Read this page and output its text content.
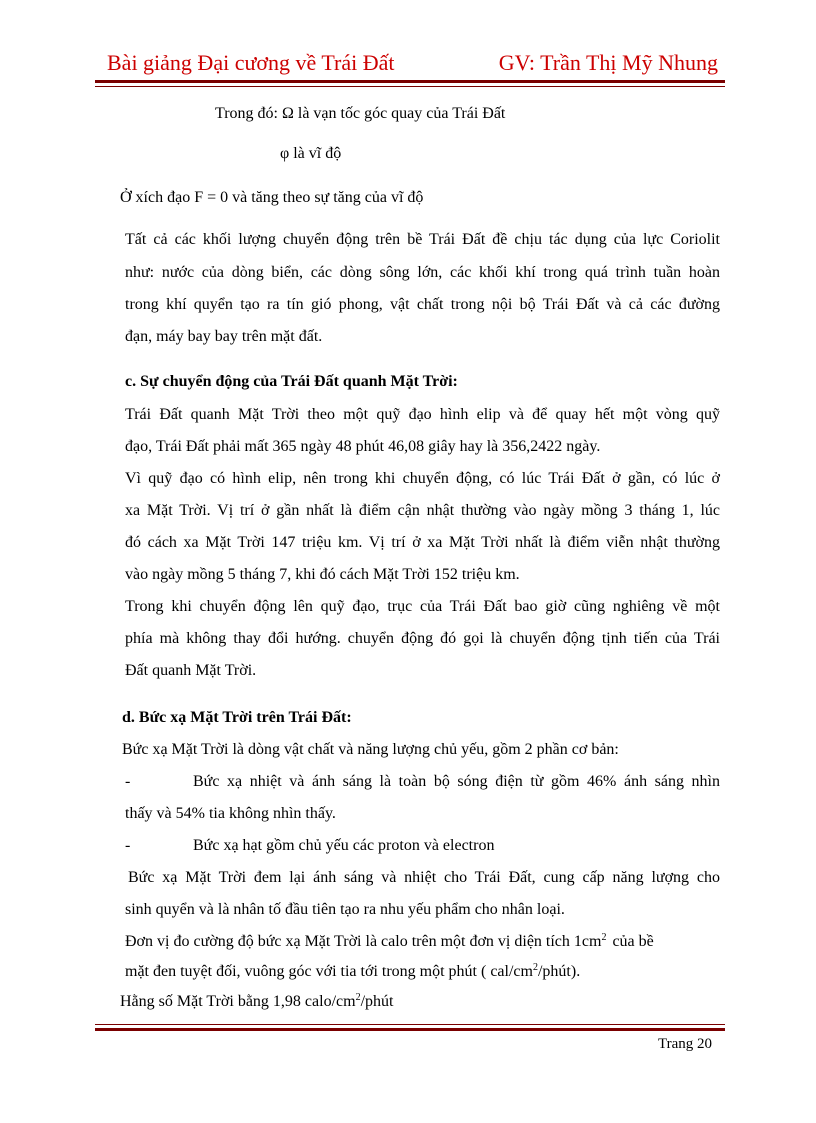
Bài giảng Đại cương về Trái Đất	GV: Trần Thị Mỹ Nhung
Trong đó: Ω là vạn tốc góc quay của Trái Đất
φ là vĩ độ
Ở xích đạo F = 0 và tăng theo sự tăng của vĩ độ
Tất cả các khối lượng chuyển động trên bề Trái Đất đề chịu tác dụng của lực Coriolit
như: nước của dòng biển, các dòng sông lớn, các khối khí trong quá trình tuần hoàn
trong khí quyển tạo ra tín gió phong, vật chất trong nội bộ Trái Đất và cả các đường
đạn, máy bay bay trên mặt đất.
c. Sự chuyển động của Trái Đất quanh Mặt Trời:
Trái Đất quanh Mặt Trời theo một quỹ đạo hình elip và để quay hết một vòng quỹ
đạo, Trái Đất phải mất 365 ngày 48 phút 46,08 giây hay là 356,2422 ngày.
Vì quỹ đạo có hình elip, nên trong khi chuyển động, có lúc Trái Đất ở gần, có lúc ở
xa Mặt Trời. Vị trí ở gần nhất là điểm cận nhật thường vào ngày mồng 3 tháng 1, lúc
đó cách xa Mặt Trời 147 triệu km. Vị trí ở xa Mặt Trời nhất là điểm viễn nhật thường
vào ngày mồng 5 tháng 7, khi đó cách Mặt Trời 152 triệu km.
Trong khi chuyển động lên quỹ đạo, trục của Trái Đất bao giờ cũng nghiêng về một
phía mà không thay đổi hướng. chuyển động đó gọi là chuyển động tịnh tiến của Trái
Đất quanh Mặt Trời.
d. Bức xạ Mặt Trời trên Trái Đất:
Bức xạ Mặt Trời là dòng vật chất và năng lượng chủ yếu, gồm 2 phần cơ bản:
-	Bức xạ nhiệt và ánh sáng là toàn bộ sóng điện từ gồm 46% ánh sáng nhìn
thấy và 54% tia không nhìn thấy.
-	Bức xạ hạt gồm chủ yếu các proton và electron
Bức xạ Mặt Trời đem lại ánh sáng và nhiệt cho Trái Đất, cung cấp năng lượng cho
sinh quyển và là nhân tố đầu tiên tạo ra nhu yếu phẩm cho nhân loại.
Đơn vị đo cường độ bức xạ Mặt Trời là calo trên một đơn vị diện tích $1cm^2$ của bề
mặt đen tuyệt đối, vuông góc với tia tới trong một phút ( cal/$cm^2/phút$).
Hằng số Mặt Trời bằng 1,98 calo/$cm^2$/phút
Trang 20
